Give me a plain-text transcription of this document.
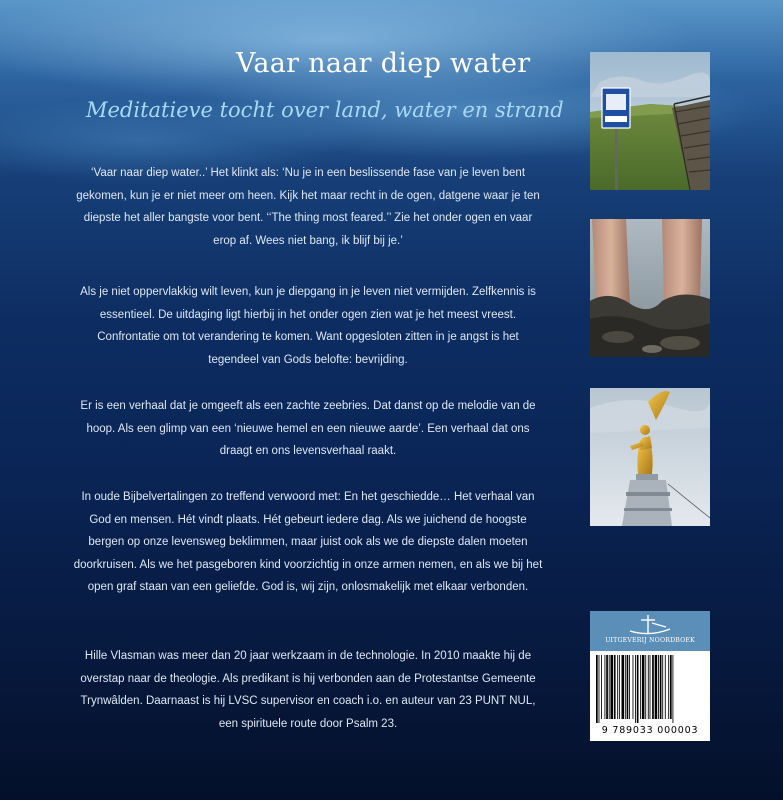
Vaar naar diep water
Meditatieve tocht over land, water en strand

‘Vaar naar diep water..’ Het klinkt als: ‘Nu je in een beslissende fase van je leven bent gekomen, kun je er niet meer om heen. Kijk het maar recht in de ogen, datgene waar je ten diepste het aller bangste voor bent. ‘‘The thing most feared.’’ Zie het onder ogen en vaar erop af. Wees niet bang, ik blijf bij je.’

Als je niet oppervlakkig wilt leven, kun je diepgang in je leven niet vermijden. Zelfkennis is essentieel. De uitdaging ligt hierbij in het onder ogen zien wat je het meest vreest. Confrontatie om tot verandering te komen. Want opgesloten zitten in je angst is het tegendeel van Gods belofte: bevrijding.

Er is een verhaal dat je omgeeft als een zachte zeebries. Dat danst op de melodie van de hoop. Als een glimp van een ‘nieuwe hemel en een nieuwe aarde’. Een verhaal dat ons draagt en ons levensverhaal raakt.

In oude Bijbelvertalingen zo treffend verwoord met: En het geschiedde… Het verhaal van God en mensen. Hét vindt plaats. Hét gebeurt iedere dag. Als we juichend de hoogste bergen op onze levensweg beklimmen, maar juist ook als we de diepste dalen moeten doorkruisen. Als we het pasgeboren kind voorzichtig in onze armen nemen, en als we bij het open graf staan van een geliefde. God is, wij zijn, onlosmakelijk met elkaar verbonden.

Hille Vlasman was meer dan 20 jaar werkzaam in de technologie. In 2010 maakte hij de overstap naar de theologie. Als predikant is hij verbonden aan de Protestantse Gemeente Trynwâlden. Daarnaast is hij LVSC supervisor en coach i.o. en auteur van 23 PUNT NUL, een spirituele route door Psalm 23.

UITGEVERIJ NOORDBOEK
9 789033 000003
